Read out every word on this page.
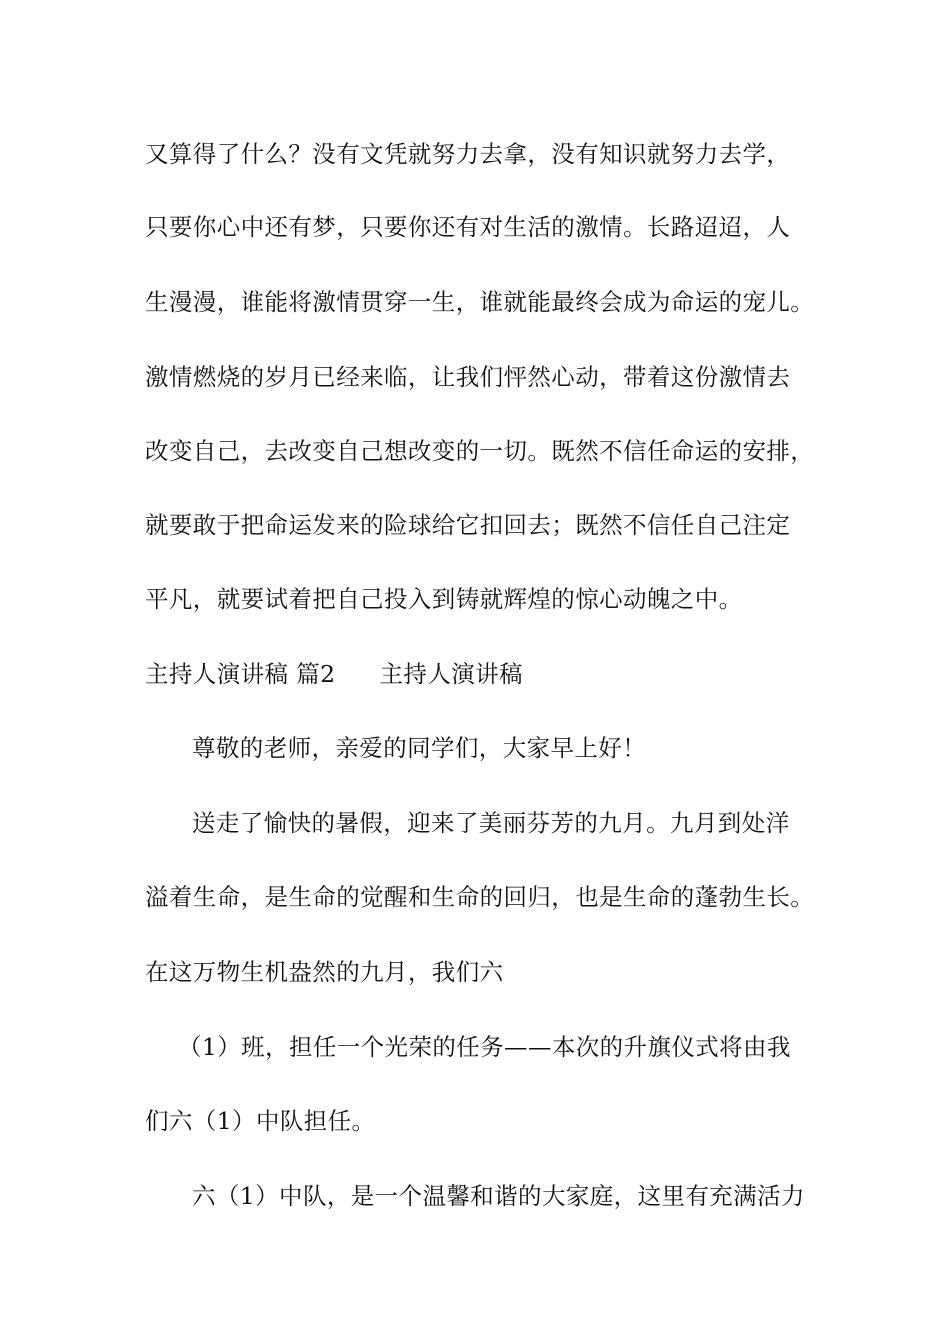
又算得了什么？没有文凭就努力去拿，没有知识就努力去学，
只要你心中还有梦，只要你还有对生活的激情。长路迢迢，人
生漫漫，谁能将激情贯穿一生，谁就能最终会成为命运的宠儿。
激情燃烧的岁月已经来临，让我们怦然心动，带着这份激情去
改变自己，去改变自己想改变的一切。既然不信任命运的安排，
就要敢于把命运发来的险球给它扣回去；既然不信任自己注定
平凡，就要试着把自己投入到铸就辉煌的惊心动魄之中。
主持人演讲稿 篇2 主持人演讲稿
尊敬的老师，亲爱的同学们，大家早上好！
送走了愉快的暑假，迎来了美丽芬芳的九月。九月到处洋
溢着生命，是生命的觉醒和生命的回归，也是生命的蓬勃生长。
在这万物生机盎然的九月，我们六
（1）班，担任一个光荣的任务——本次的升旗仪式将由我
们六（1）中队担任。
六（1）中队，是一个温馨和谐的大家庭，这里有充满活力
